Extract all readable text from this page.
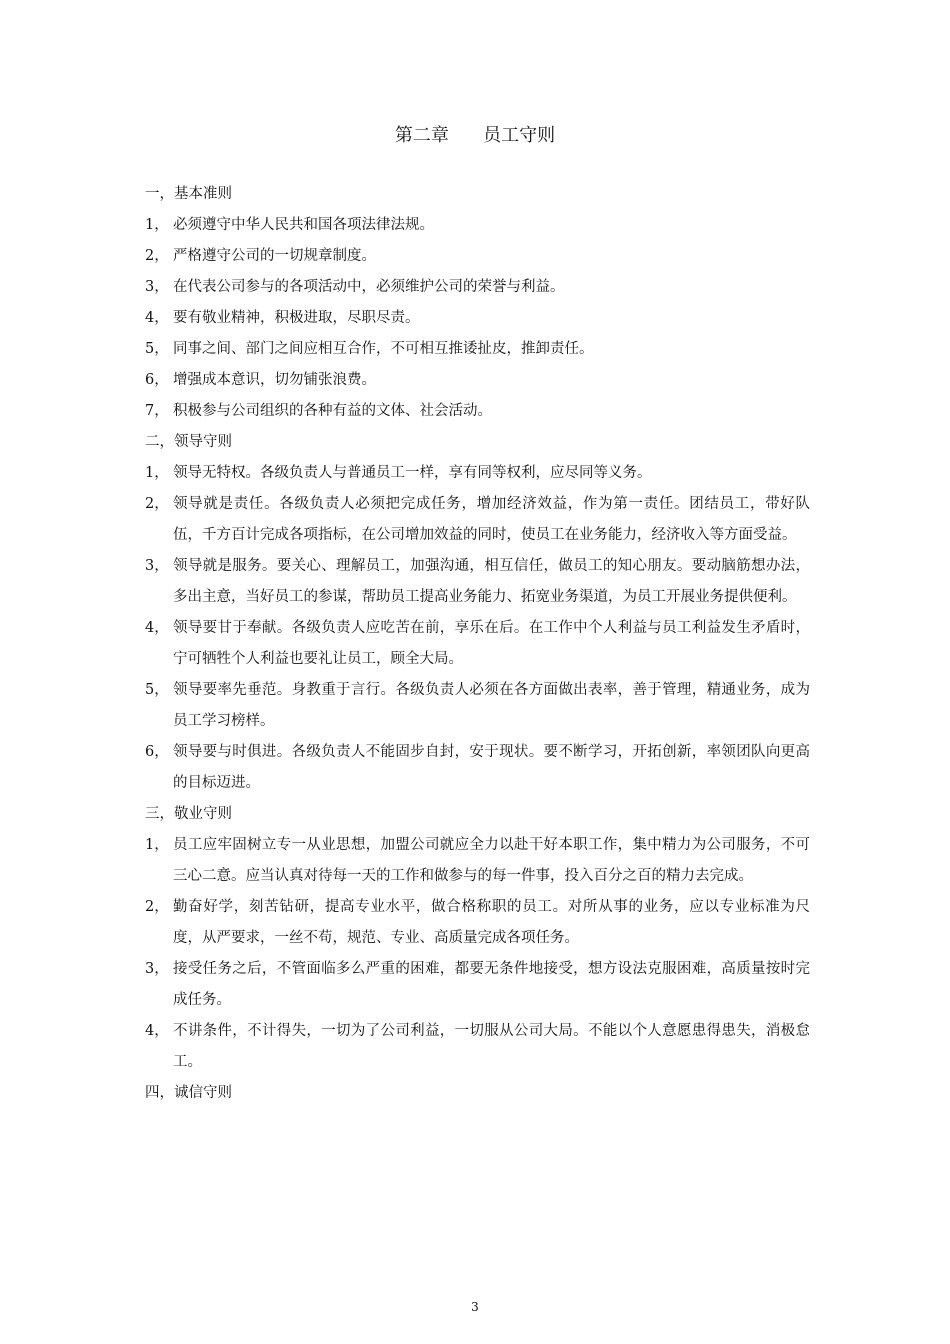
第二章      员工守则
一，基本准则
1， 必须遵守中华人民共和国各项法律法规。
2， 严格遵守公司的一切规章制度。
3， 在代表公司参与的各项活动中，必须维护公司的荣誉与利益。
4， 要有敬业精神，积极进取，尽职尽责。
5， 同事之间、部门之间应相互合作，不可相互推诿扯皮，推卸责任。
6， 增强成本意识，切勿铺张浪费。
7， 积极参与公司组织的各种有益的文体、社会活动。
二，领导守则
1， 领导无特权。各级负责人与普通员工一样，享有同等权利，应尽同等义务。
2， 领导就是责任。各级负责人必须把完成任务，增加经济效益，作为第一责任。团结员工，带好队伍，千方百计完成各项指标，在公司增加效益的同时，使员工在业务能力，经济收入等方面受益。
3， 领导就是服务。要关心、理解员工，加强沟通，相互信任，做员工的知心朋友。要动脑筋想办法，多出主意，当好员工的参谋，帮助员工提高业务能力、拓宽业务渠道，为员工开展业务提供便利。
4， 领导要甘于奉献。各级负责人应吃苦在前，享乐在后。在工作中个人利益与员工利益发生矛盾时，宁可牺牲个人利益也要礼让员工，顾全大局。
5， 领导要率先垂范。身教重于言行。各级负责人必须在各方面做出表率，善于管理，精通业务，成为员工学习榜样。
6， 领导要与时俱进。各级负责人不能固步自封，安于现状。要不断学习，开拓创新，率领团队向更高的目标迈进。
三，敬业守则
1， 员工应牢固树立专一从业思想，加盟公司就应全力以赴干好本职工作，集中精力为公司服务，不可三心二意。应当认真对待每一天的工作和做参与的每一件事，投入百分之百的精力去完成。
2， 勤奋好学，刻苦钻研，提高专业水平，做合格称职的员工。对所从事的业务，应以专业标准为尺度，从严要求，一丝不苟，规范、专业、高质量完成各项任务。
3， 接受任务之后，不管面临多么严重的困难，都要无条件地接受，想方设法克服困难，高质量按时完成任务。
4， 不讲条件，不计得失，一切为了公司利益，一切服从公司大局。不能以个人意愿患得患失，消极怠工。
四，诚信守则
3
